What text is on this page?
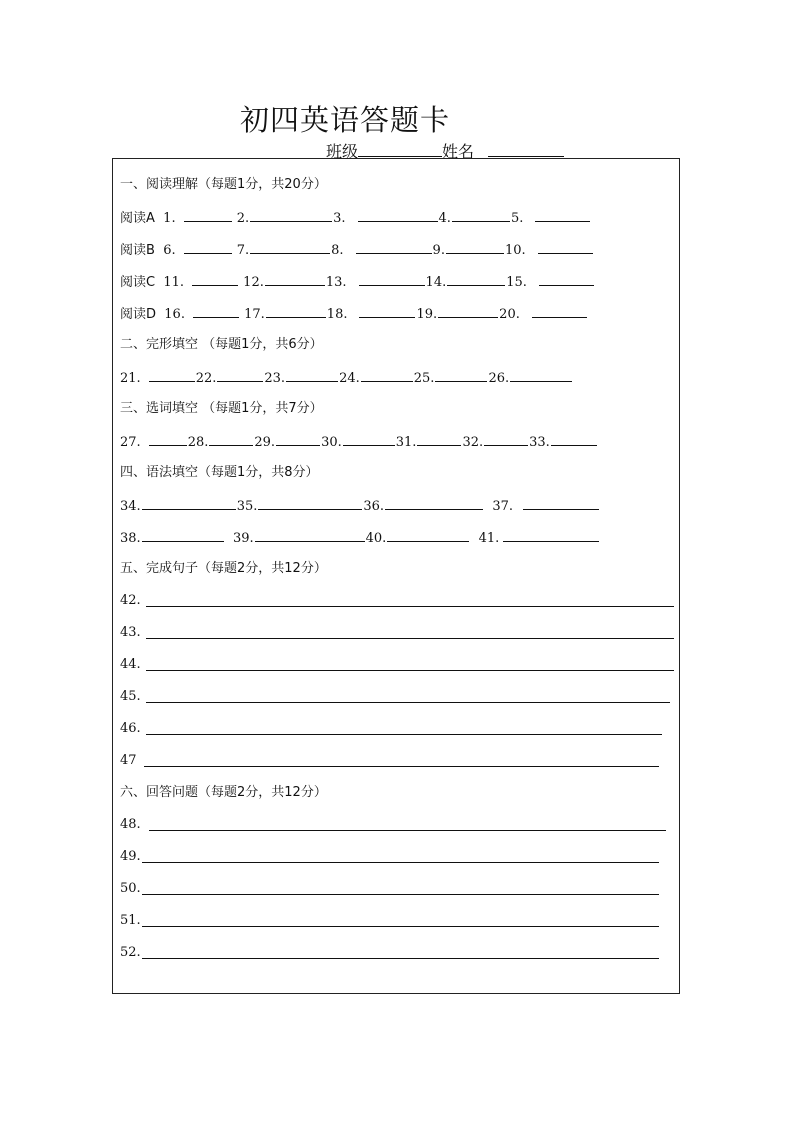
初四英语答题卡
班级	姓名
一、阅读理解（每题1分，共20分）
阅读A 1.	2.	3.	4.	5.
阅读B 6.	7.	8.	9.	10.
阅读C 11.	12.	13.	14.	15.
阅读D 16.	17.	18.	19.	20.
二、完形填空 （每题1分，共6分）
21.	22.	23.	24.	25.	26.
三、选词填空 （每题1分，共7分）
27.	28.	29.	30.	31.	32.	33.
四、语法填空（每题1分，共8分）
34.	35.	36.	37.
38.	39.	40.	41.
五、完成句子（每题2分，共12分）
42.
43.
44.
45.
46.
47
六、回答问题（每题2分，共12分）
48.
49.
50.
51.
52.
